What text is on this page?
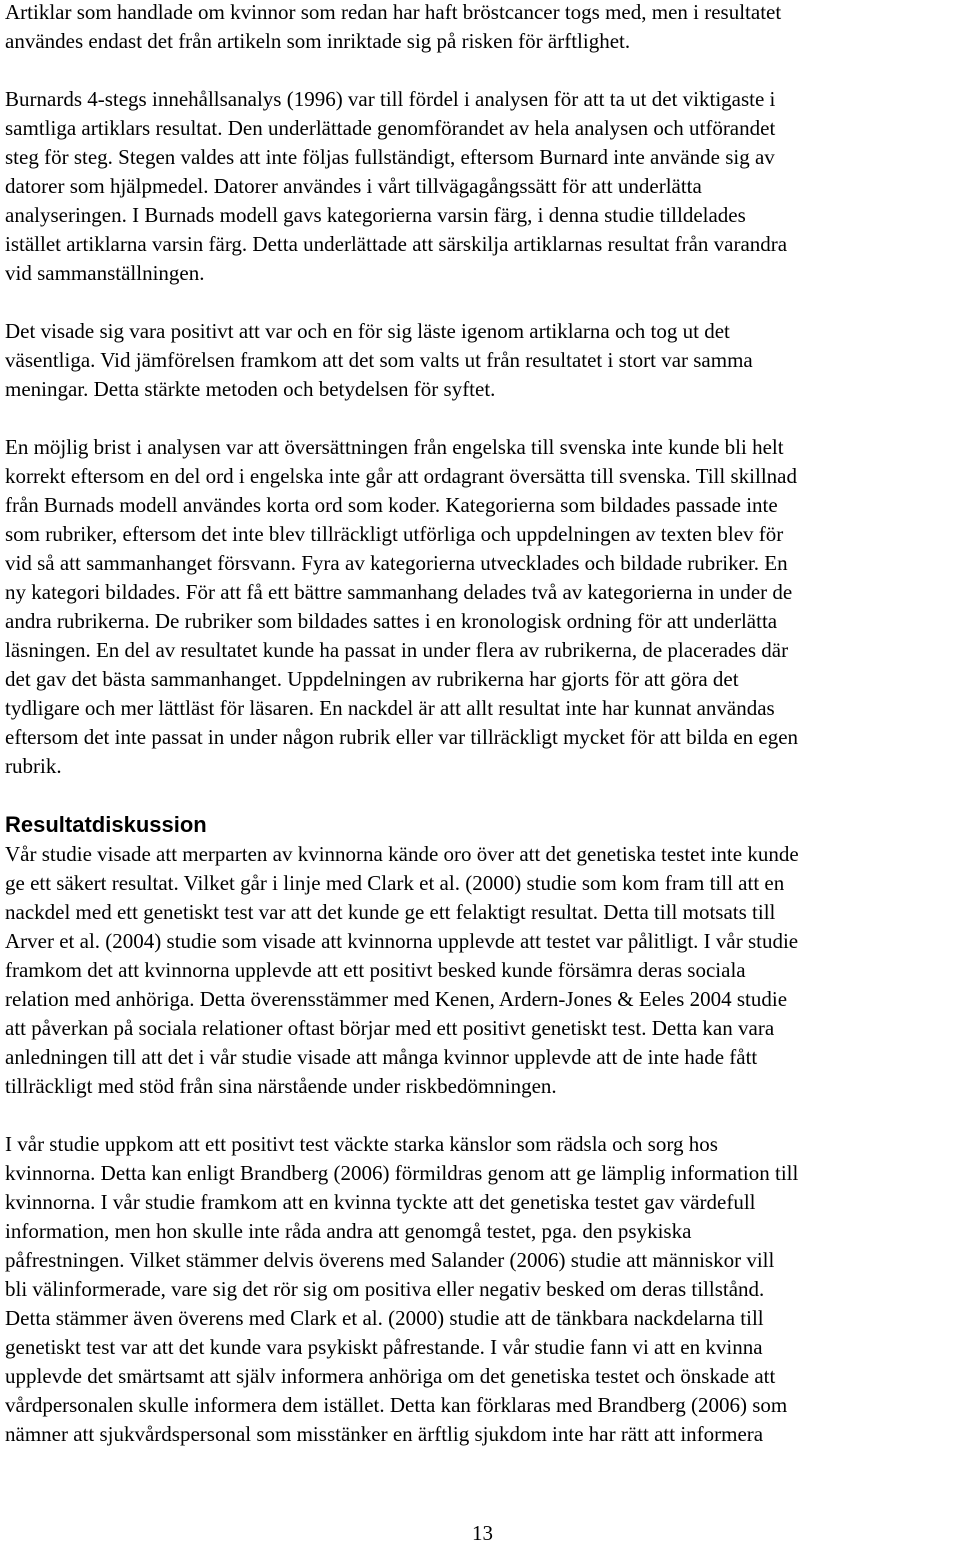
Artiklar som handlade om kvinnor som redan har haft bröstcancer togs med, men i resultatet
användes endast det från artikeln som inriktade sig på risken för ärftlighet.

Burnards 4-stegs innehållsanalys (1996) var till fördel i analysen för att ta ut det viktigaste i
samtliga artiklars resultat. Den underlättade genomförandet av hela analysen och utförandet
steg för steg. Stegen valdes att inte följas fullständigt, eftersom Burnard inte använde sig av
datorer som hjälpmedel. Datorer användes i vårt tillvägagångssätt för att underlätta
analyseringen. I Burnads modell gavs kategorierna varsin färg, i denna studie tilldelades
istället artiklarna varsin färg. Detta underlättade att särskilja artiklarnas resultat från varandra
vid sammanställningen.

Det visade sig vara positivt att var och en för sig läste igenom artiklarna och tog ut det
väsentliga. Vid jämförelsen framkom att det som valts ut från resultatet i stort var samma
meningar. Detta stärkte metoden och betydelsen för syftet.

En möjlig brist i analysen var att översättningen från engelska till svenska inte kunde bli helt
korrekt eftersom en del ord i engelska inte går att ordagrant översätta till svenska. Till skillnad
från Burnads modell användes korta ord som koder. Kategorierna som bildades passade inte
som rubriker, eftersom det inte blev tillräckligt utförliga och uppdelningen av texten blev för
vid så att sammanhanget försvann. Fyra av kategorierna utvecklades och bildade rubriker. En
ny kategori bildades. För att få ett bättre sammanhang delades två av kategorierna in under de
andra rubrikerna. De rubriker som bildades sattes i en kronologisk ordning för att underlätta
läsningen. En del av resultatet kunde ha passat in under flera av rubrikerna, de placerades där
det gav det bästa sammanhanget. Uppdelningen av rubrikerna har gjorts för att göra det
tydligare och mer lättläst för läsaren. En nackdel är att allt resultat inte har kunnat användas
eftersom det inte passat in under någon rubrik eller var tillräckligt mycket för att bilda en egen
rubrik.

Resultatdiskussion

Vår studie visade att merparten av kvinnorna kände oro över att det genetiska testet inte kunde
ge ett säkert resultat. Vilket går i linje med Clark et al. (2000) studie som kom fram till att en
nackdel med ett genetiskt test var att det kunde ge ett felaktigt resultat. Detta till motsats till
Arver et al. (2004) studie som visade att kvinnorna upplevde att testet var pålitligt. I vår studie
framkom det att kvinnorna upplevde att ett positivt besked kunde försämra deras sociala
relation med anhöriga. Detta överensstämmer med Kenen, Ardern-Jones & Eeles 2004 studie
att påverkan på sociala relationer oftast börjar med ett positivt genetiskt test. Detta kan vara
anledningen till att det i vår studie visade att många kvinnor upplevde att de inte hade fått
tillräckligt med stöd från sina närstående under riskbedömningen.

I vår studie uppkom att ett positivt test väckte starka känslor som rädsla och sorg hos
kvinnorna. Detta kan enligt Brandberg (2006) förmildras genom att ge lämplig information till
kvinnorna. I vår studie framkom att en kvinna tyckte att det genetiska testet gav värdefull
information, men hon skulle inte råda andra att genomgå testet, pga. den psykiska
påfrestningen. Vilket stämmer delvis överens med Salander (2006) studie att människor vill
bli välinformerade, vare sig det rör sig om positiva eller negativ besked om deras tillstånd.
Detta stämmer även överens med Clark et al. (2000) studie att de tänkbara nackdelarna till
genetiskt test var att det kunde vara psykiskt påfrestande. I vår studie fann vi att en kvinna
upplevde det smärtsamt att själv informera anhöriga om det genetiska testet och önskade att
vårdpersonalen skulle informera dem istället. Detta kan förklaras med Brandberg (2006) som
nämner att sjukvårdspersonal som misstänker en ärftlig sjukdom inte har rätt att informera

13
